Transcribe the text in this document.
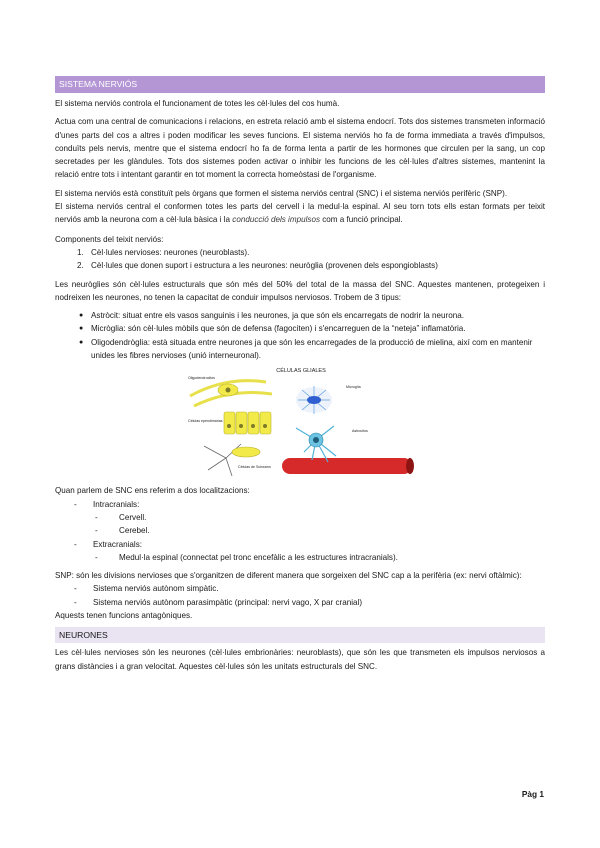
SISTEMA NERVIÓS

El sistema nerviós controla el funcionament de totes les cèl·lules del cos humà.

Actua com una central de comunicacions i relacions, en estreta relació amb el sistema endocrí. Tots dos sistemes transmeten informació d'unes parts del cos a altres i poden modificar les seves funcions. El sistema nerviós ho fa de forma immediata a través d'impulsos, conduïts pels nervis, mentre que el sistema endocrí ho fa de forma lenta a partir de les hormones que circulen per la sang, un cop secretades per les glàndules. Tots dos sistemes poden activar o inhibir les funcions de les cèl·lules d'altres sistemes, mantenint la relació entre tots i intentant garantir en tot moment la correcta homeòstasi de l'organisme.

El sistema nerviós està constituït pels òrgans que formen el sistema nerviós central (SNC) i el sistema nerviós perifèric (SNP).

El sistema nerviós central el conformen totes les parts del cervell i la medul·la espinal. Al seu torn tots ells estan formats per teixit nerviós amb la neurona com a cèl·lula bàsica i la conducció dels impulsos com a funció principal.

Components del teixit nerviós:
1. Cèl·lules nervioses: neurones (neuroblasts).
2. Cèl·lules que donen suport i estructura a les neurones: neuròglia (provenen dels espongioblasts)

Les neuròglies són cèl·lules estructurals que són més del 50% del total de la massa del SNC. Aquestes mantenen, protegeixen i nodreixen les neurones, no tenen la capacitat de conduir impulsos nerviosos. Trobem de 3 tipus:

● Astròcit: situat entre els vasos sanguinis i les neurones, ja que són els encarregats de nodrir la neurona.
● Micròglia: són cèl·lules mòbils que són de defensa (fagociten) i s'encarreguen de la “neteja” inflamatòria.
● Oligodendròglia: està situada entre neurones ja que són les encarregades de la producció de mielina, així com en mantenir unides les fibres nervioses (unió interneuronal).
CÉLULAS GLIALES
Oligodendrocitos
Células ependimarias
Células de Schwann
Microglía
Astrocitos
Quan parlem de SNC ens referim a dos localitzacions:
- Intracranials:
-	Cervell.
-	Cerebel.
- Extracranials:
-	Medul·la espinal (connectat pel tronc encefàlic a les estructures intracranials).

SNP: són les divisions nervioses que s'organitzen de diferent manera que sorgeixen del SNC cap a la perifèria (ex: nervi oftàlmic):

- Sistema nerviós autònom simpàtic.
- Sistema nerviós autònom parasimpàtic (principal: nervi vago, X par cranial)
Aquests tenen funcions antagòniques.
NEURONES

Les cèl·lules nervioses són les neurones (cèl·lules embrionàries: neuroblasts), que són les que transmeten els impulsos nerviosos a grans distàncies i a gran velocitat. Aquestes cèl·lules són les unitats estructurals del SNC.

Pàg 1
